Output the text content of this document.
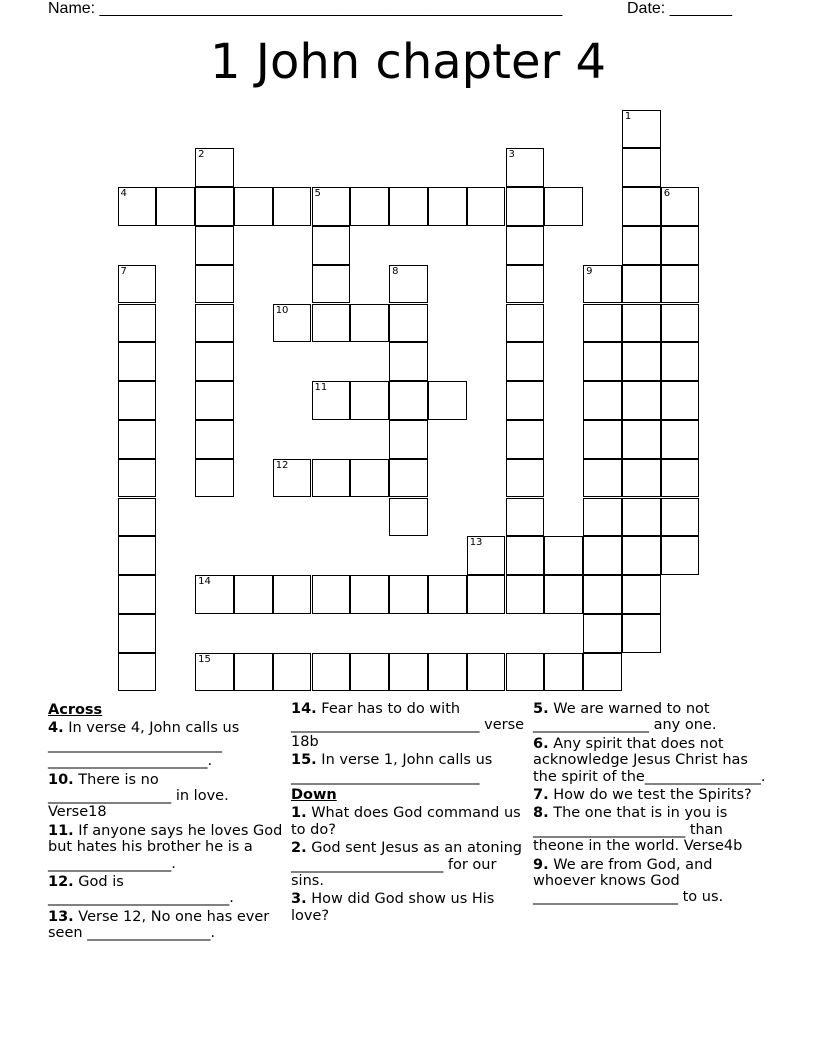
Name: ____________________________________________________	Date: _______
1 John chapter 4
1
2	3
4	5	6
7	8	9
10
11
12
13
14
15
Across
4. In verse 4, John calls us ________________________ ______________________.
10. There is no _________________ in love. Verse18
11. If anyone says he loves God but hates his brother he is a _________________.
12. God is _________________________.
13. Verse 12, No one has ever seen _________________.
14. Fear has to do with __________________________ verse 18b
15. In verse 1, John calls us __________________________
Down
1. What does God command us to do?
2. God sent Jesus as an atoning _____________________ for our sins.
3. How did God show us His love?
5. We are warned to not ________________ any one.
6. Any spirit that does not acknowledge Jesus Christ has the spirit of the________________.
7. How do we test the Spirits?
8. The one that is in you is _____________________ than theone in the world. Verse4b
9. We are from God, and whoever knows God ____________________ to us.
